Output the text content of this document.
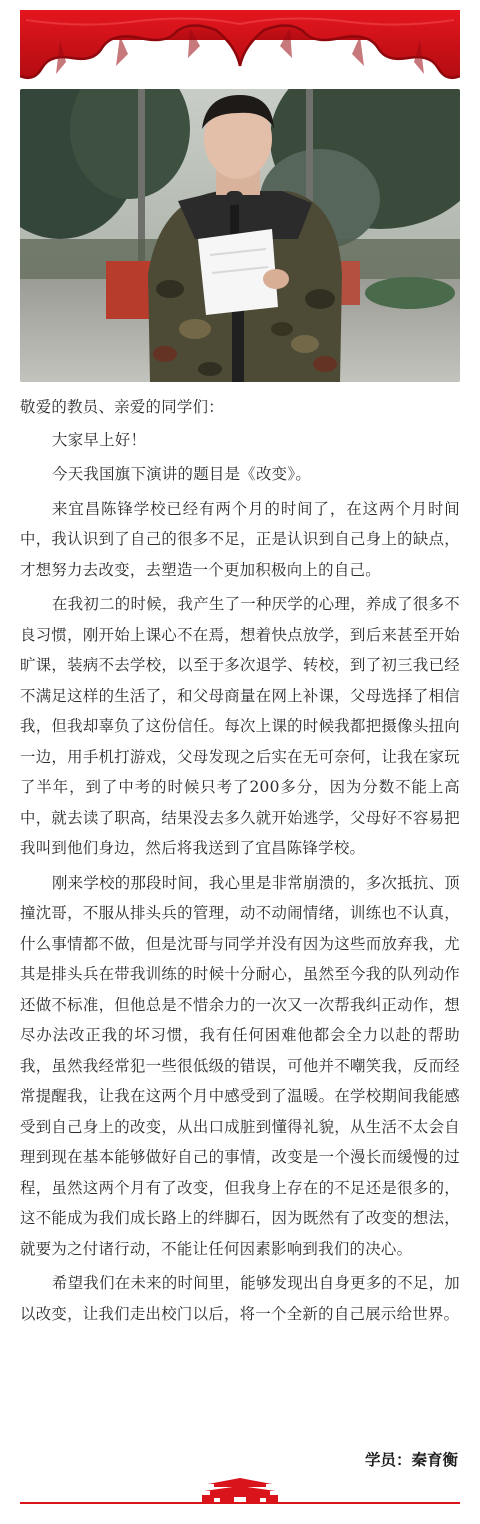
敬爱的教员、亲爱的同学们：

大家早上好！

今天我国旗下演讲的题目是《改变》。

来宜昌陈锋学校已经有两个月的时间了，在这两个月时间中，我认识到了自己的很多不足，正是认识到自己身上的缺点，才想努力去改变，去塑造一个更加积极向上的自己。

在我初二的时候，我产生了一种厌学的心理，养成了很多不良习惯，刚开始上课心不在焉，想着快点放学，到后来甚至开始旷课，装病不去学校，以至于多次退学、转校，到了初三我已经不满足这样的生活了，和父母商量在网上补课，父母选择了相信我，但我却辜负了这份信任。每次上课的时候我都把摄像头扭向一边，用手机打游戏，父母发现之后实在无可奈何，让我在家玩了半年，到了中考的时候只考了200多分，因为分数不能上高中，就去读了职高，结果没去多久就开始逃学，父母好不容易把我叫到他们身边，然后将我送到了宜昌陈锋学校。

刚来学校的那段时间，我心里是非常崩溃的，多次抵抗、顶撞沈哥，不服从排头兵的管理，动不动闹情绪，训练也不认真，什么事情都不做，但是沈哥与同学并没有因为这些而放弃我，尤其是排头兵在带我训练的时候十分耐心，虽然至今我的队列动作还做不标准，但他总是不惜余力的一次又一次帮我纠正动作，想尽办法改正我的坏习惯，我有任何困难他都会全力以赴的帮助我，虽然我经常犯一些很低级的错误，可他并不嘲笑我，反而经常提醒我，让我在这两个月中感受到了温暖。在学校期间我能感受到自己身上的改变，从出口成脏到懂得礼貌，从生活不太会自理到现在基本能够做好自己的事情，改变是一个漫长而缓慢的过程，虽然这两个月有了改变，但我身上存在的不足还是很多的，这不能成为我们成长路上的绊脚石，因为既然有了改变的想法，就要为之付诸行动，不能让任何因素影响到我们的决心。

希望我们在未来的时间里，能够发现出自身更多的不足，加以改变，让我们走出校门以后，将一个全新的自己展示给世界。

学员：秦育衡
